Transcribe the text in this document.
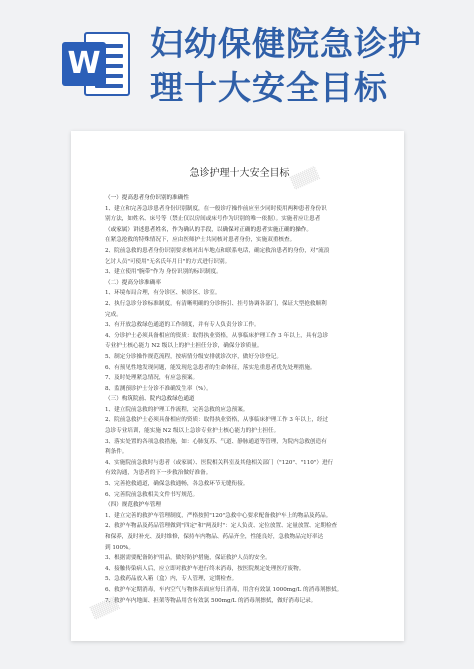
W
妇幼保健院急诊护
理十大安全目标
急诊护理十大安全目标
（一）提高患者身份识别的准确性
1、建立和完善急诊患者身份识别制度，在一般诊疗操作前应至少同时使用两种患者身份识
别方法，如姓名、床号等（禁止仅以房间或床号作为识别的唯一依据）。实施者应让患者
（或家属）讲述患者姓名，作为确认的手段，以确保对正确的患者实施正确的操作。
在紧急抢救的特殊情况下，应由医师护士共同核对患者身份，实施双重核查。
2、院前急救的患者身份识别要求核对出车地点和联系电话，确定救治患者的身份，对"流浪
乞讨人员"可使用"无名氏年月日"的方式进行识别。
3、建立使用"腕带"作为 身份识别的标识制度。
（二）提高分诊准确率
1、环境布局合理，有分诊区、候诊区、诊室。
2、执行急诊分诊标准制度，有清晰明确的分诊指引、挂号协调各部门，保证大型抢救顺利
完成。
3、有开放急救绿色通道的工作制度，并有专人负责分诊工作。
4、分诊护士必须具备相应的资质：取得执业资格，从事临床护理工作 3 年以上，具有急诊
专业护士核心能力 N2 级以上的护士担任分诊，确保分诊质量。
5、制定分诊操作规范流程，按病情分级安排就诊次序，做好分诊登记。
6、有预见性地发现问题，能发现危急患者的生命体征，落实危重患者优先处理措施。
7、及时处理紧急情况，有应急预案。
8、监测预诊护士分诊不准确发生率（%）。
（三）构筑院前、院内急救绿色通道
1、建立院前急救的护理工作流程，完善急救的应急预案。
2、院前急救护士必须具备相应的资质：取得执业资格，从事临床护理工作 3 年以上，经过
急诊专业培训，能实施 N2 级以上急诊专业护士核心能力的护士担任。
3、落实处置的各项急救措施，如：心肺复苏、气道、静脉通道等管理，为院内急救创造有
利条件。
4、实施院前急救时与患者（或家属）、医院相关科室及其他相关部门（"120"、"110"）进行
有效沟通，为患者的下一步救治做好准备。
5、完善抢救通道，确保急救通畅，各急救环节无缝衔接。
6、完善院前急救相关文件书写规范。
（四）规范救护车管理
1、建立完善的救护车管理制度，严格按照"120"急救中心要求配备救护车上的物品及药品。
2、救护车物品及药品管理做到"四定"和"两及时"：定人负责、定位放置、定量放置、定期检查
和保养，及时补充、及时维修，保持车内物品、药品齐全，性能良好，急救物品完好率达
到 100%。
3、根据需要配备防护用品，做好防护措施，保证救护人员的安全。
4、接触传染病人后，应立即对救护车进行终末消毒，按医院规定处理医疗废物。
5、急救药品放入箱（盒）内，专人管理，定期检查。
6、救护车定期消毒，车内空气与物体表面应每日消毒，用含有效氯 1000mg/L 的消毒剂擦拭。
7、救护车内地面、担架等物品用含有效氯 500mg/L 的消毒剂擦拭，做好消毒记录。
▒▒▒
▒▒▒
